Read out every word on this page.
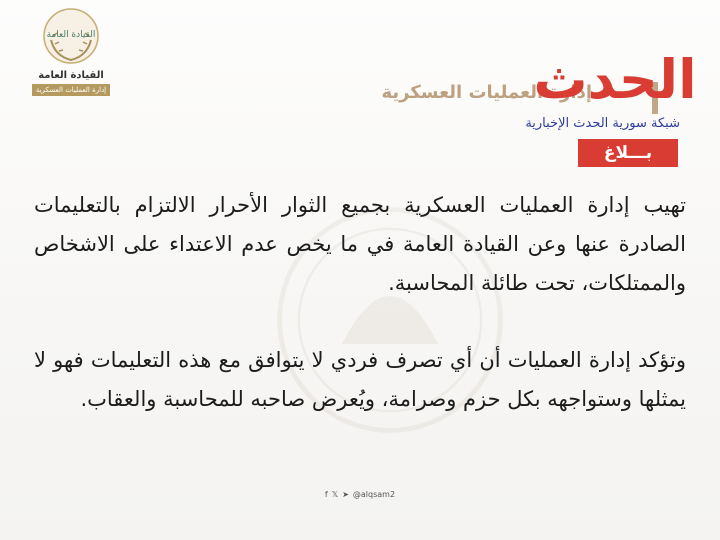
القيادة العامة
القيادة العامة
إدارة العمليات العسكرية	إدارة العمليات العسكرية
الحدث
شبكة سورية الحدث الإخبارية
بـــلاغ

تهيب إدارة العمليات العسكرية بجميع الثوار الأحرار الالتزام بالتعليمات الصادرة عنها وعن القيادة العامة في ما يخص عدم الاعتداء على الاشخاص والممتلكات، تحت طائلة المحاسبة.

وتؤكد إدارة العمليات أن أي تصرف فردي لا يتوافق مع هذه التعليمات فهو لا يمثلها وستواجهه بكل حزم وصرامة، ويُعرض صاحبه للمحاسبة والعقاب.

f 𝕏 ➤ @alqsam2
